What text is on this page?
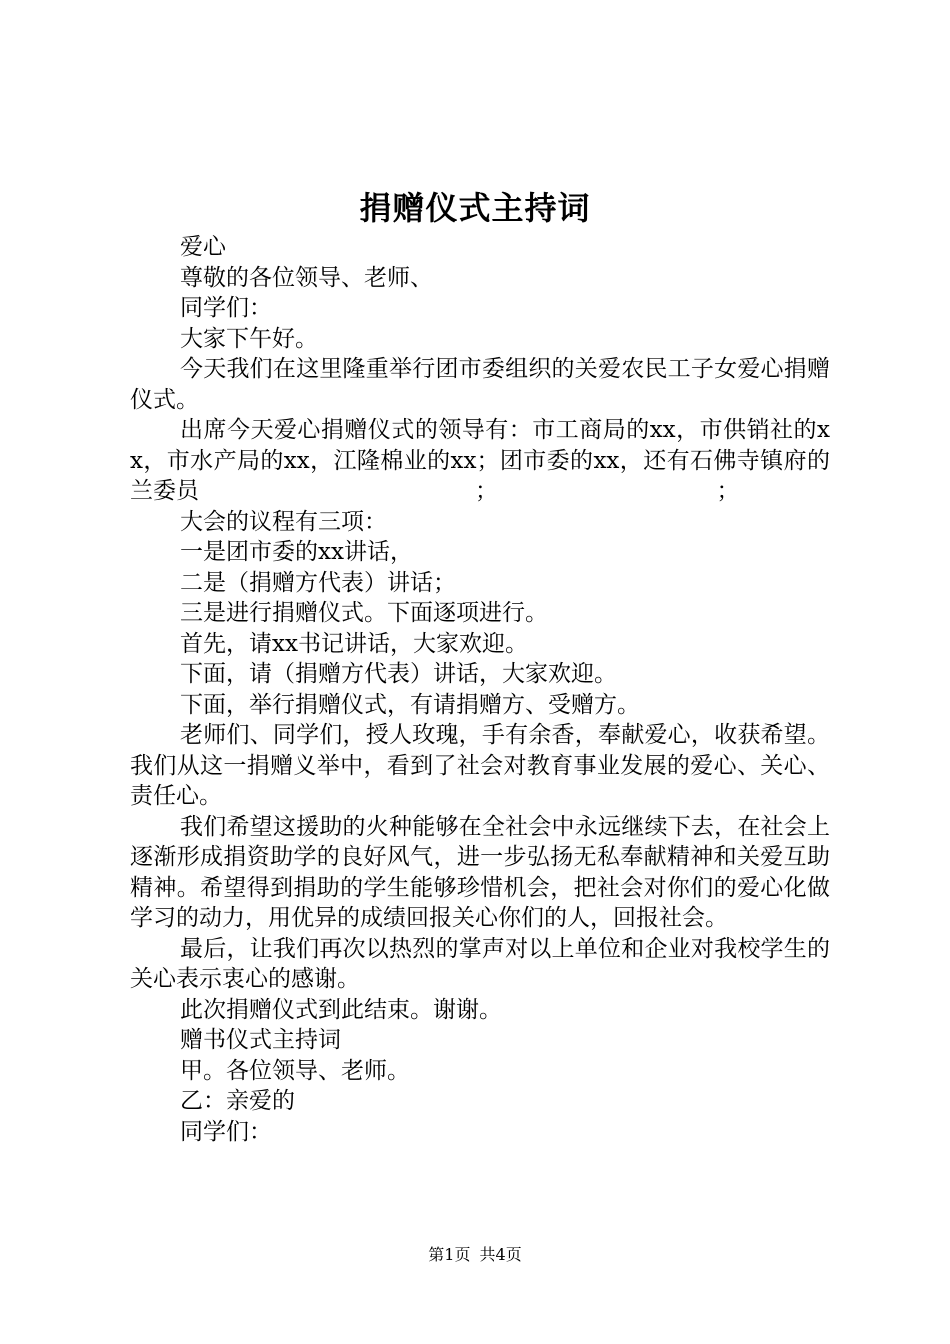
捐赠仪式主持词

爱心

尊敬的各位领导、老师、

同学们：

大家下午好。

今天我们在这里隆重举行团市委组织的关爱农民工子女爱心捐赠仪式。

出席今天爱心捐赠仪式的领导有：市工商局的xx，市供销社的xx，市水产局的xx，江隆棉业的xx；团市委的xx，还有石佛寺镇府的兰委员　　　　　　　　　　　　；　　　　　　　　　　；

大会的议程有三项：

一是团市委的xx讲话，

二是（捐赠方代表）讲话；

三是进行捐赠仪式。下面逐项进行。

首先，请xx书记讲话，大家欢迎。

下面，请（捐赠方代表）讲话，大家欢迎。

下面，举行捐赠仪式，有请捐赠方、受赠方。

老师们、同学们，授人玫瑰，手有余香，奉献爱心，收获希望。我们从这一捐赠义举中，看到了社会对教育事业发展的爱心、关心、责任心。

我们希望这援助的火种能够在全社会中永远继续下去，在社会上逐渐形成捐资助学的良好风气，进一步弘扬无私奉献精神和关爱互助精神。希望得到捐助的学生能够珍惜机会，把社会对你们的爱心化做学习的动力，用优异的成绩回报关心你们的人，回报社会。

最后，让我们再次以热烈的掌声对以上单位和企业对我校学生的关心表示衷心的感谢。

此次捐赠仪式到此结束。谢谢。

赠书仪式主持词

甲。各位领导、老师。

乙：亲爱的

同学们：

第1页 共4页
